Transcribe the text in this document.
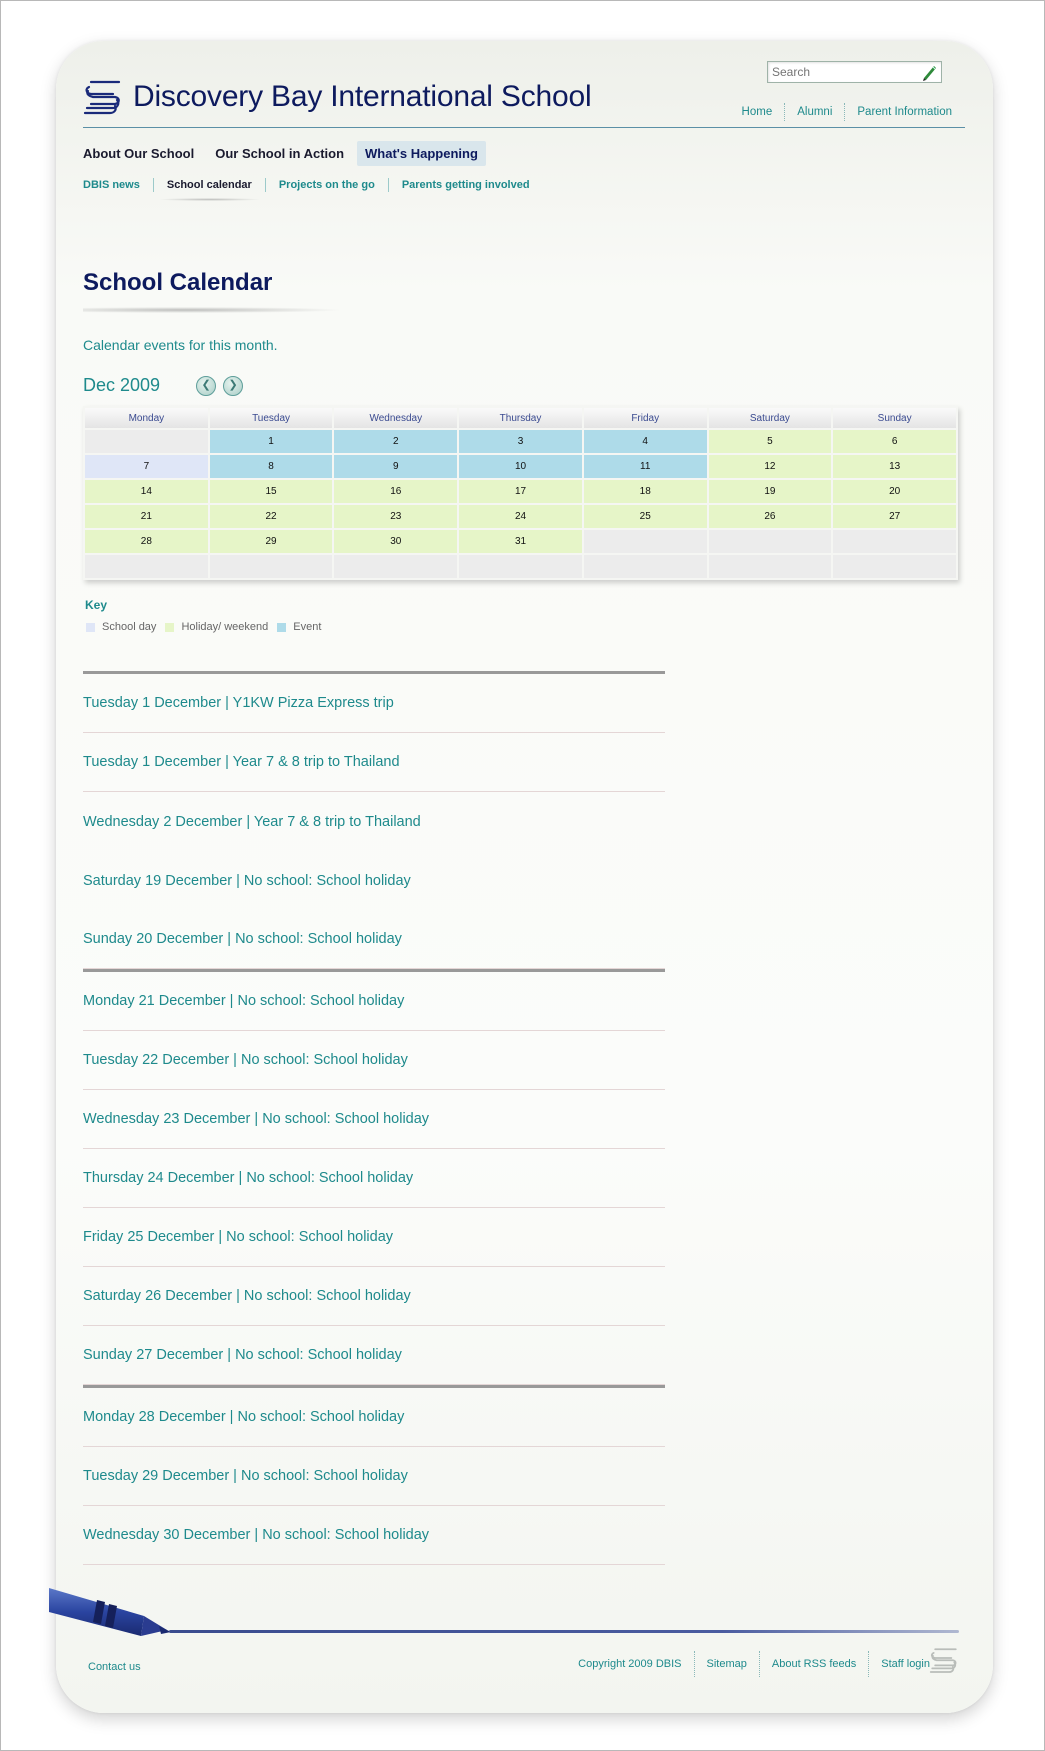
Search
Discovery Bay International School	Home	Alumni	Parent Information
About Our School	Our School in Action	What's Happening
DBIS news	School calendar	Projects on the go	Parents getting involved
School Calendar

Calendar events for this month.

Dec 2009	❮ ❯
Monday	Tuesday	Wednesday	Thursday	Friday	Saturday	Sunday
	1	2	3	4	5	6
7	8	9	10	11	12	13
14	15	16	17	18	19	20
21	22	23	24	25	26	27
28	29	30	31			

Key
School day Holiday/ weekend Event
Tuesday 1 December | Y1KW Pizza Express trip
Tuesday 1 December | Year 7 & 8 trip to Thailand
Wednesday 2 December | Year 7 & 8 trip to Thailand
Saturday 19 December | No school: School holiday
Sunday 20 December | No school: School holiday
Monday 21 December | No school: School holiday
Tuesday 22 December | No school: School holiday
Wednesday 23 December | No school: School holiday
Thursday 24 December | No school: School holiday
Friday 25 December | No school: School holiday
Saturday 26 December | No school: School holiday
Sunday 27 December | No school: School holiday
Monday 28 December | No school: School holiday
Tuesday 29 December | No school: School holiday
Wednesday 30 December | No school: School holiday
Contact us	Copyright 2009 DBIS	Sitemap	About RSS feeds	Staff login
